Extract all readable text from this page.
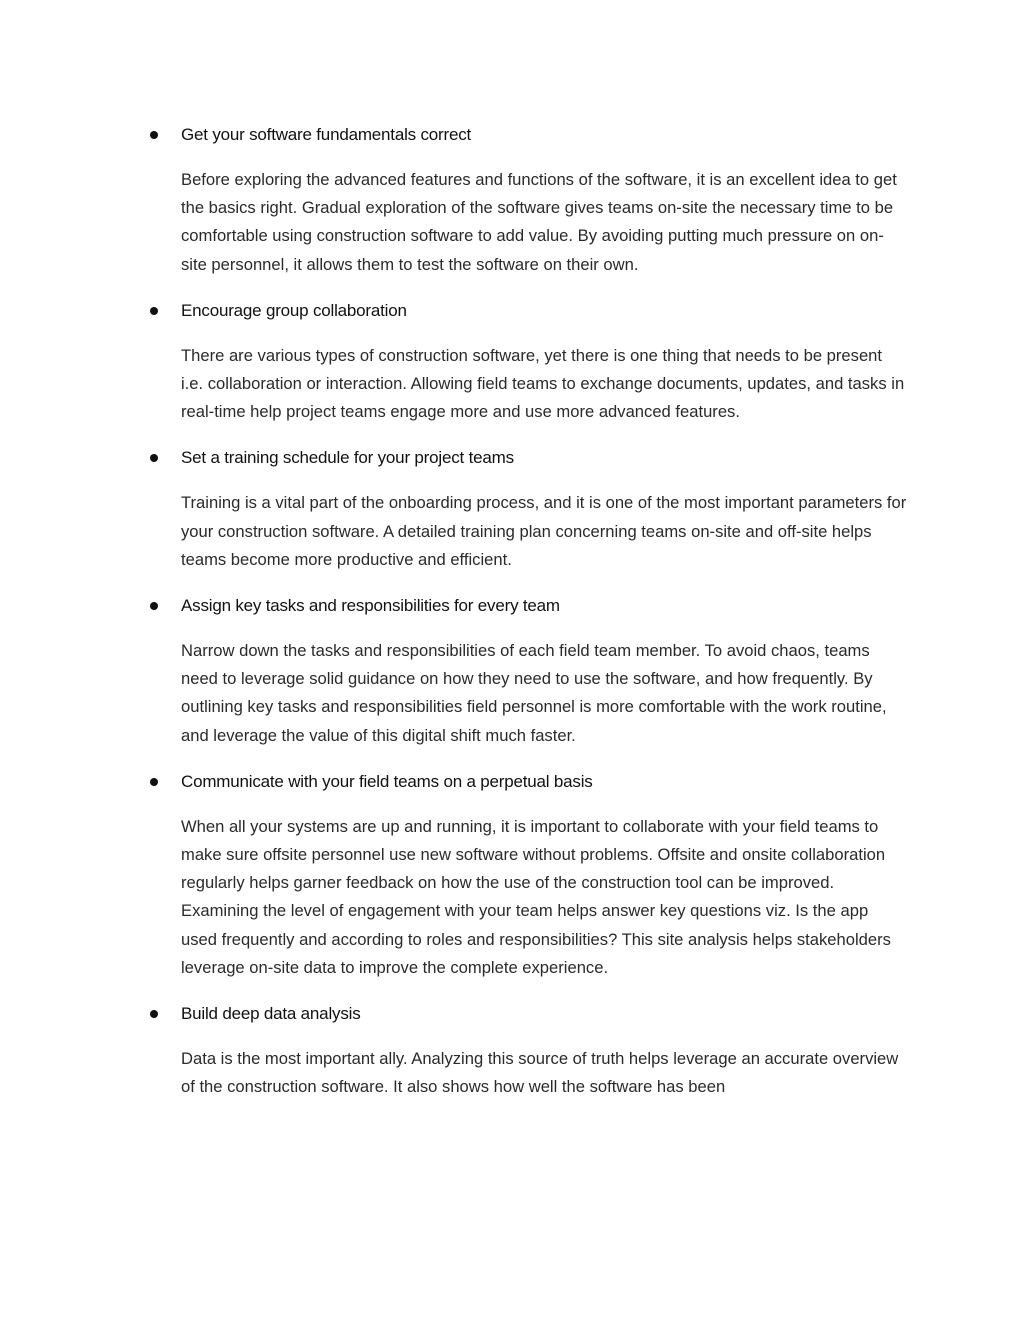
Get your software fundamentals correct

Before exploring the advanced features and functions of the software, it is an excellent idea to get the basics right. Gradual exploration of the software gives teams on-site the necessary time to be comfortable using construction software to add value. By avoiding putting much pressure on on-site personnel, it allows them to test the software on their own.

Encourage group collaboration

There are various types of construction software, yet there is one thing that needs to be present i.e. collaboration or interaction. Allowing field teams to exchange documents, updates, and tasks in real-time help project teams engage more and use more advanced features.

Set a training schedule for your project teams

Training is a vital part of the onboarding process, and it is one of the most important parameters for your construction software. A detailed training plan concerning teams on-site and off-site helps teams become more productive and efficient.

Assign key tasks and responsibilities for every team

Narrow down the tasks and responsibilities of each field team member. To avoid chaos, teams need to leverage solid guidance on how they need to use the software, and how frequently. By outlining key tasks and responsibilities field personnel is more comfortable with the work routine, and leverage the value of this digital shift much faster.

Communicate with your field teams on a perpetual basis

When all your systems are up and running, it is important to collaborate with your field teams to make sure offsite personnel use new software without problems. Offsite and onsite collaboration regularly helps garner feedback on how the use of the construction tool can be improved. Examining the level of engagement with your team helps answer key questions viz. Is the app used frequently and according to roles and responsibilities? This site analysis helps stakeholders leverage on-site data to improve the complete experience.

Build deep data analysis

Data is the most important ally. Analyzing this source of truth helps leverage an accurate overview of the construction software. It also shows how well the software has been
